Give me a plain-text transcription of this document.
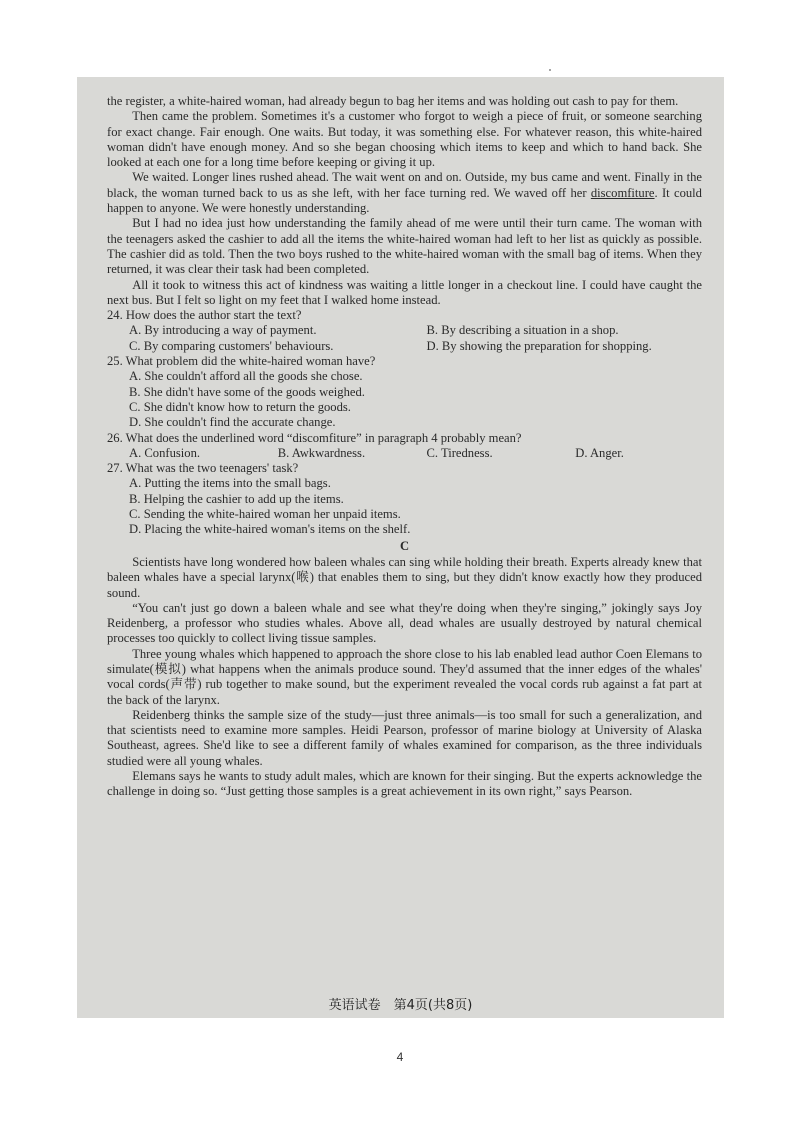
the register, a white-haired woman, had already begun to bag her items and was holding out cash to pay for them.

Then came the problem. Sometimes it's a customer who forgot to weigh a piece of fruit, or someone searching for exact change. Fair enough. One waits. But today, it was something else. For whatever reason, this white-haired woman didn't have enough money. And so she began choosing which items to keep and which to hand back. She looked at each one for a long time before keeping or giving it up.

We waited. Longer lines rushed ahead. The wait went on and on. Outside, my bus came and went. Finally in the black, the woman turned back to us as she left, with her face turning red. We waved off her discomfiture. It could happen to anyone. We were honestly understanding.

But I had no idea just how understanding the family ahead of me were until their turn came. The woman with the teenagers asked the cashier to add all the items the white-haired woman had left to her list as quickly as possible. The cashier did as told. Then the two boys rushed to the white-haired woman with the small bag of items. When they returned, it was clear their task had been completed.

All it took to witness this act of kindness was waiting a little longer in a checkout line. I could have caught the next bus. But I felt so light on my feet that I walked home instead.

24. How does the author start the text?

A. By introducing a way of payment.	B. By describing a situation in a shop.
C. By comparing customers' behaviours.	D. By showing the preparation for shopping.

25. What problem did the white-haired woman have?

A. She couldn't afford all the goods she chose.

B. She didn't have some of the goods weighed.

C. She didn't know how to return the goods.

D. She couldn't find the accurate change.

26. What does the underlined word “discomfiture” in paragraph 4 probably mean?

A. Confusion.	B. Awkwardness.	C. Tiredness.	D. Anger.

27. What was the two teenagers' task?

A. Putting the items into the small bags.

B. Helping the cashier to add up the items.

C. Sending the white-haired woman her unpaid items.

D. Placing the white-haired woman's items on the shelf.

C

Scientists have long wondered how baleen whales can sing while holding their breath. Experts already knew that baleen whales have a special larynx(喉) that enables them to sing, but they didn't know exactly how they produced sound.

“You can't just go down a baleen whale and see what they're doing when they're singing,” jokingly says Joy Reidenberg, a professor who studies whales. Above all, dead whales are usually destroyed by natural chemical processes too quickly to collect living tissue samples.

Three young whales which happened to approach the shore close to his lab enabled lead author Coen Elemans to simulate(模拟) what happens when the animals produce sound. They'd assumed that the inner edges of the whales' vocal cords(声带) rub together to make sound, but the experiment revealed the vocal cords rub against a fat part at the back of the larynx.

Reidenberg thinks the sample size of the study—just three animals—is too small for such a generalization, and that scientists need to examine more samples. Heidi Pearson, professor of marine biology at University of Alaska Southeast, agrees. She'd like to see a different family of whales examined for comparison, as the three individuals studied were all young whales.

Elemans says he wants to study adult males, which are known for their singing. But the experts acknowledge the challenge in doing so. “Just getting those samples is a great achievement in its own right,” says Pearson.

英语试卷　第4页(共8页)
4
